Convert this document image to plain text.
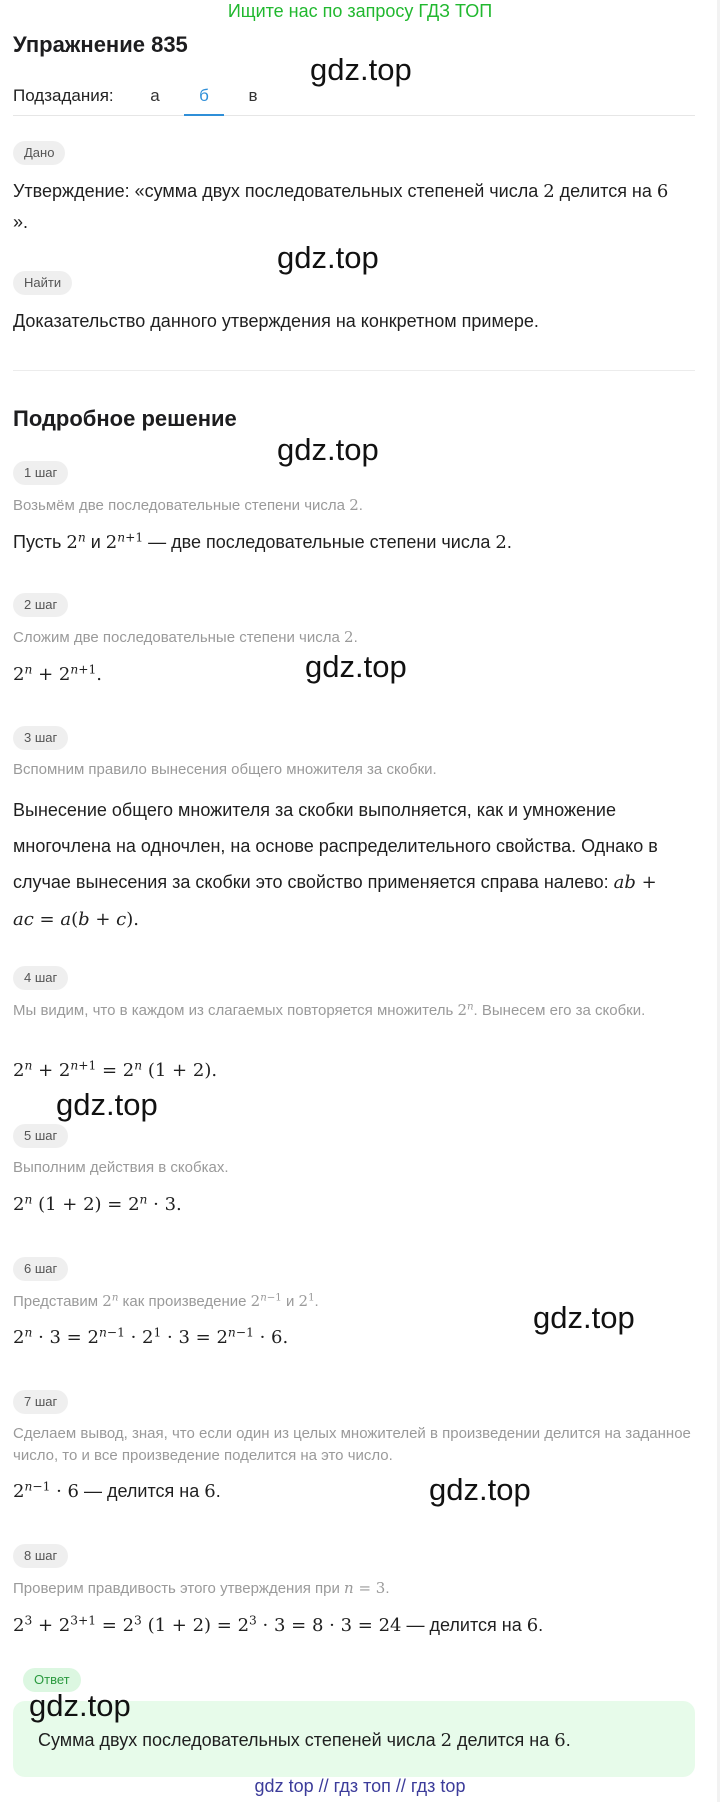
Ищите нас по запросу ГДЗ ТОП
Упражнение 835
Подзадания:	а	б	в
Дано
Утверждение: «сумма двух последовательных степеней числа 2 делится на 6
».
Найти
Доказательство данного утверждения на конкретном примере.
Подробное решение
1 шаг
Возьмём две последовательные степени числа 2.
Пусть 2$^n$ и $2^{n+1}$ — две последовательные степени числа 2.
2 шаг
Сложим две последовательные степени числа 2.
$2^n + 2^{n+1}$.
3 шаг
Вспомним правило вынесения общего множителя за скобки.
Вынесение общего множителя за скобки выполняется, как и умножение многочлена на одночлен, на основе распределительного свойства. Однако в случае вынесения за скобки это свойство применяется справа налево: ab +
ac = a(b + c).
4 шаг
Мы видим, что в каждом из слагаемых повторяется множитель 2$^n$. Вынесем его за скобки.
$2^n + 2^{n+1} = 2^n$ (1 + 2).
5 шаг
Выполним действия в скобках.
2$^n$ $(1 + 2) = 2^n \cdot 3$.
6 шаг
Представим 2$^n$ как произведение $2^{n-1}$ и $2^1$.
$2^n \cdot 3 = 2^{n-1} \cdot 2^1 \cdot 3 = 2^{n-1} \cdot 6$.
7 шаг
Сделаем вывод, зная, что если один из целых множителей в произведении делится на заданное число, то и все произведение поделится на это число.
$2^{n-1} \cdot 6$ — делится на 6.
8 шаг
Проверим правдивость этого утверждения при n = 3.
$2^3 + 2^{3+1} = 2^3$ $(1 + 2) = 2^3 \cdot 3 = 8 \cdot 3 = 24$ — делится на 6.
Сумма двух последовательных степеней числа 2 делится на 6.
Ответ
gdz.top
gdz.top
gdz.top
gdz.top
gdz.top
gdz.top
gdz.top
gdz.top
gdz top // гдз топ // гдз top
